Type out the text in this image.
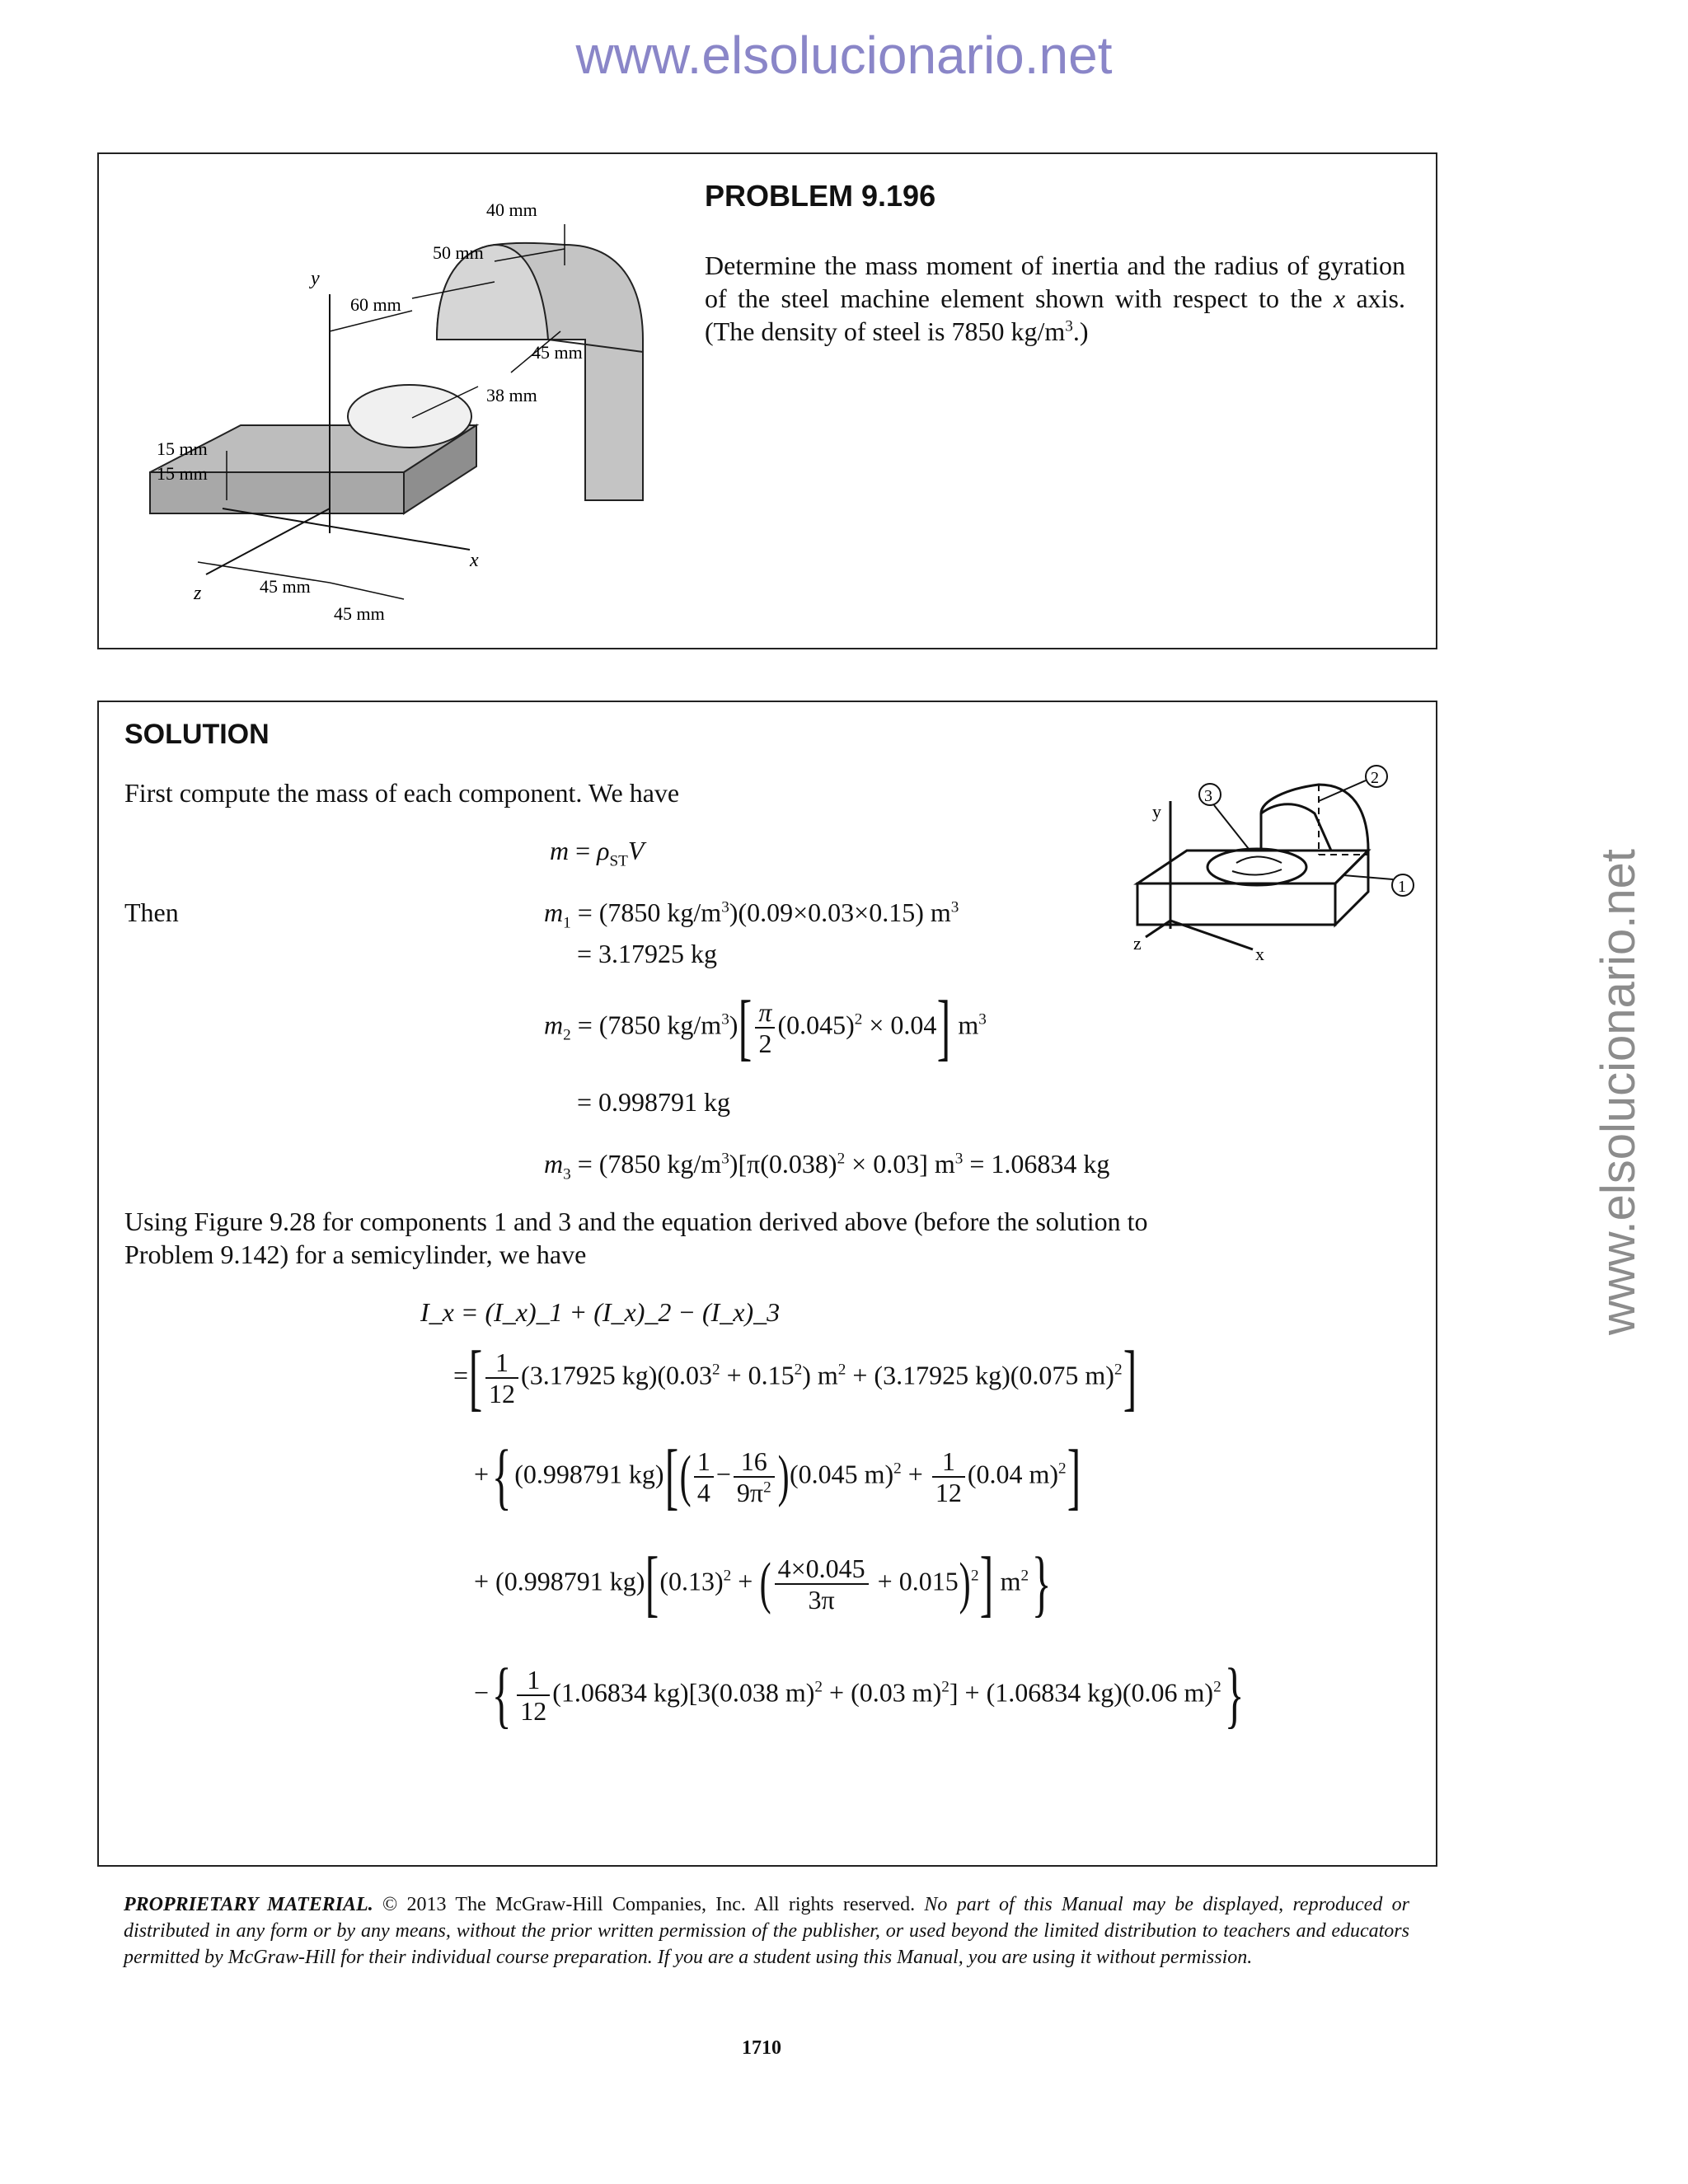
www.elsolucionario.net
www.elsolucionario.net
40 mm
50 mm
60 mm
y
45 mm
38 mm
15 mm
15 mm
x
z	45 mm
45 mm
PROBLEM 9.196
Determine the mass moment of inertia and the radius of gyration of the steel machine element shown with respect to the x axis. (The density of steel is 7850 $kg/m^3$.)
SOLUTION
First compute the mass of each component. We have
$m = \rho_{ST}V$
Then	$m_1 = (7850$ $kg/m^3)(0.09\times 0.03\times 0.15)$ $m^3$
= 3.17925 kg
$m_2 = (7850$ $kg/m^3)[ \frac{\pi}{2} (0.045)^2 \times 0.04]$ $m^3$
= 0.998791 kg
$m_3 = (7850$ $kg/m^3)[\pi(0.038)^2 \times 0.03] m^3 = 1.06834$ kg
Using Figure 9.28 for components 1 and 3 and the equation derived above (before the solution to
Problem 9.142) for a semicylinder, we have
I_x = (I_x)_1 + (I_x)_2 − (I_x)_3
=[ $\frac{1}{12} (3.17925$ $kg)(0.03^2 + 0.15^2)$ $m^2 + (3.17925$ kg)(0.075 m)$^2$]
+{ (0.998791 $kg)[( \frac{1}{4} - \frac{16}{9\pi^2} )(0.045$ $m)^2 + \frac{1}{12} (0.04$ m)$^2$]
+ (0.998791 $kg)[(0.13)^2$ + ( $\frac{4\times 0.045}{3\pi} + 0.015)^2$] $m^2$}
−{ $\frac{1}{12} (1.06834$ kg)[3(0.038 m)$^2$ + (0.03 m)$^2$] + (1.06834 kg)(0.06 m)$^2$}
3
2
1
y
z
x
PROPRIETARY MATERIAL. © 2013 The McGraw-Hill Companies, Inc. All rights reserved. No part of this Manual may be displayed, reproduced or distributed in any form or by any means, without the prior written permission of the publisher, or used beyond the limited distribution to teachers and educators permitted by McGraw-Hill for their individual course preparation. If you are a student using this Manual, you are using it without permission.
1710
